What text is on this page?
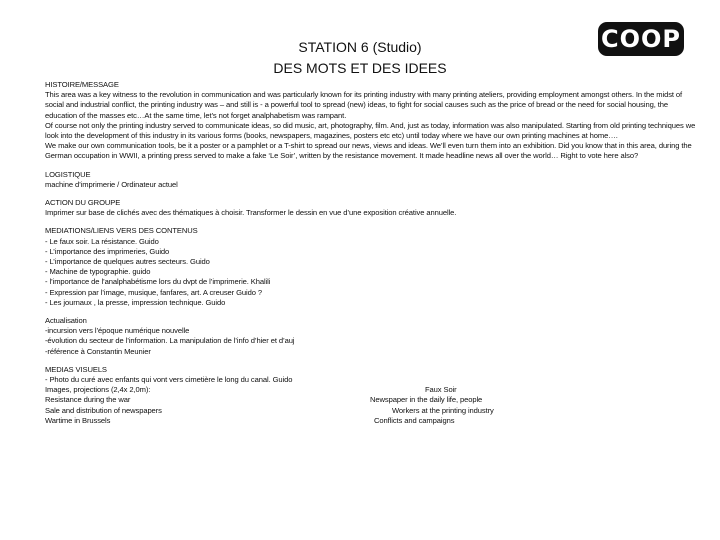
COOP
STATION 6 (Studio)
DES MOTS ET DES IDEES

HISTOIRE/MESSAGE

This area was a key witness to the revolution in communication and was particularly known for its printing industry with many printing ateliers, providing employment amongst others. In the midst of social and industrial conflict, the printing industry was – and still is - a powerful tool to spread (new) ideas, to fight for social causes such as the price of bread or the need for social housing, the education of the masses etc…At the same time, let’s not forget analphabetism was rampant.

Of course not only the printing industry served to communicate ideas, so did music, art, photography, film. And, just as today, information was also manipulated. Starting from old printing techniques we look into the development of this industry in its various forms (books, newspapers, magazines, posters etc etc) until today where we have our own printing machines at home….

We make our own communication tools, be it a poster or a pamphlet or a T-shirt to spread our news, views and ideas. We’ll even turn them into an exhibition. Did you know that in this area, during the German occupation in WWII, a printing press served to make a fake ‘Le Soir’, written by the resistance movement. It made headline news all over the world… Right to vote here also?

LOGISTIQUE

machine d’imprimerie / Ordinateur actuel

ACTION DU GROUPE

Imprimer sur base de clichés avec des thématiques à choisir. Transformer le dessin en vue d’une exposition créative annuelle.

MEDIATIONS/LIENS VERS DES CONTENUS

- Le faux soir. La résistance. Guido

- L’importance des imprimeries, Guido

- L’importance de quelques autres secteurs. Guido

- Machine de typographie. guido

- l’importance de l’analphabétisme lors du dvpt de l’imprimerie. Khalili

- Expression par l’image, musique, fanfares, art. A creuser Guido ?

- Les journaux , la presse, impression technique. Guido

Actualisation

-incursion vers l’époque numérique nouvelle

-évolution du secteur de l’information. La manipulation de l’info d’hier et d’auj

-référence à Constantin Meunier

MEDIAS VISUELS

- Photo du curé avec enfants qui vont vers cimetière le long du canal. Guido

Images, projections (2,4x 2,0m):	Faux Soir
Resistance during the war	Newspaper in the daily life, people
Sale and distribution of newspapers	Workers at the printing industry
Wartime in Brussels	Conflicts and campaigns
